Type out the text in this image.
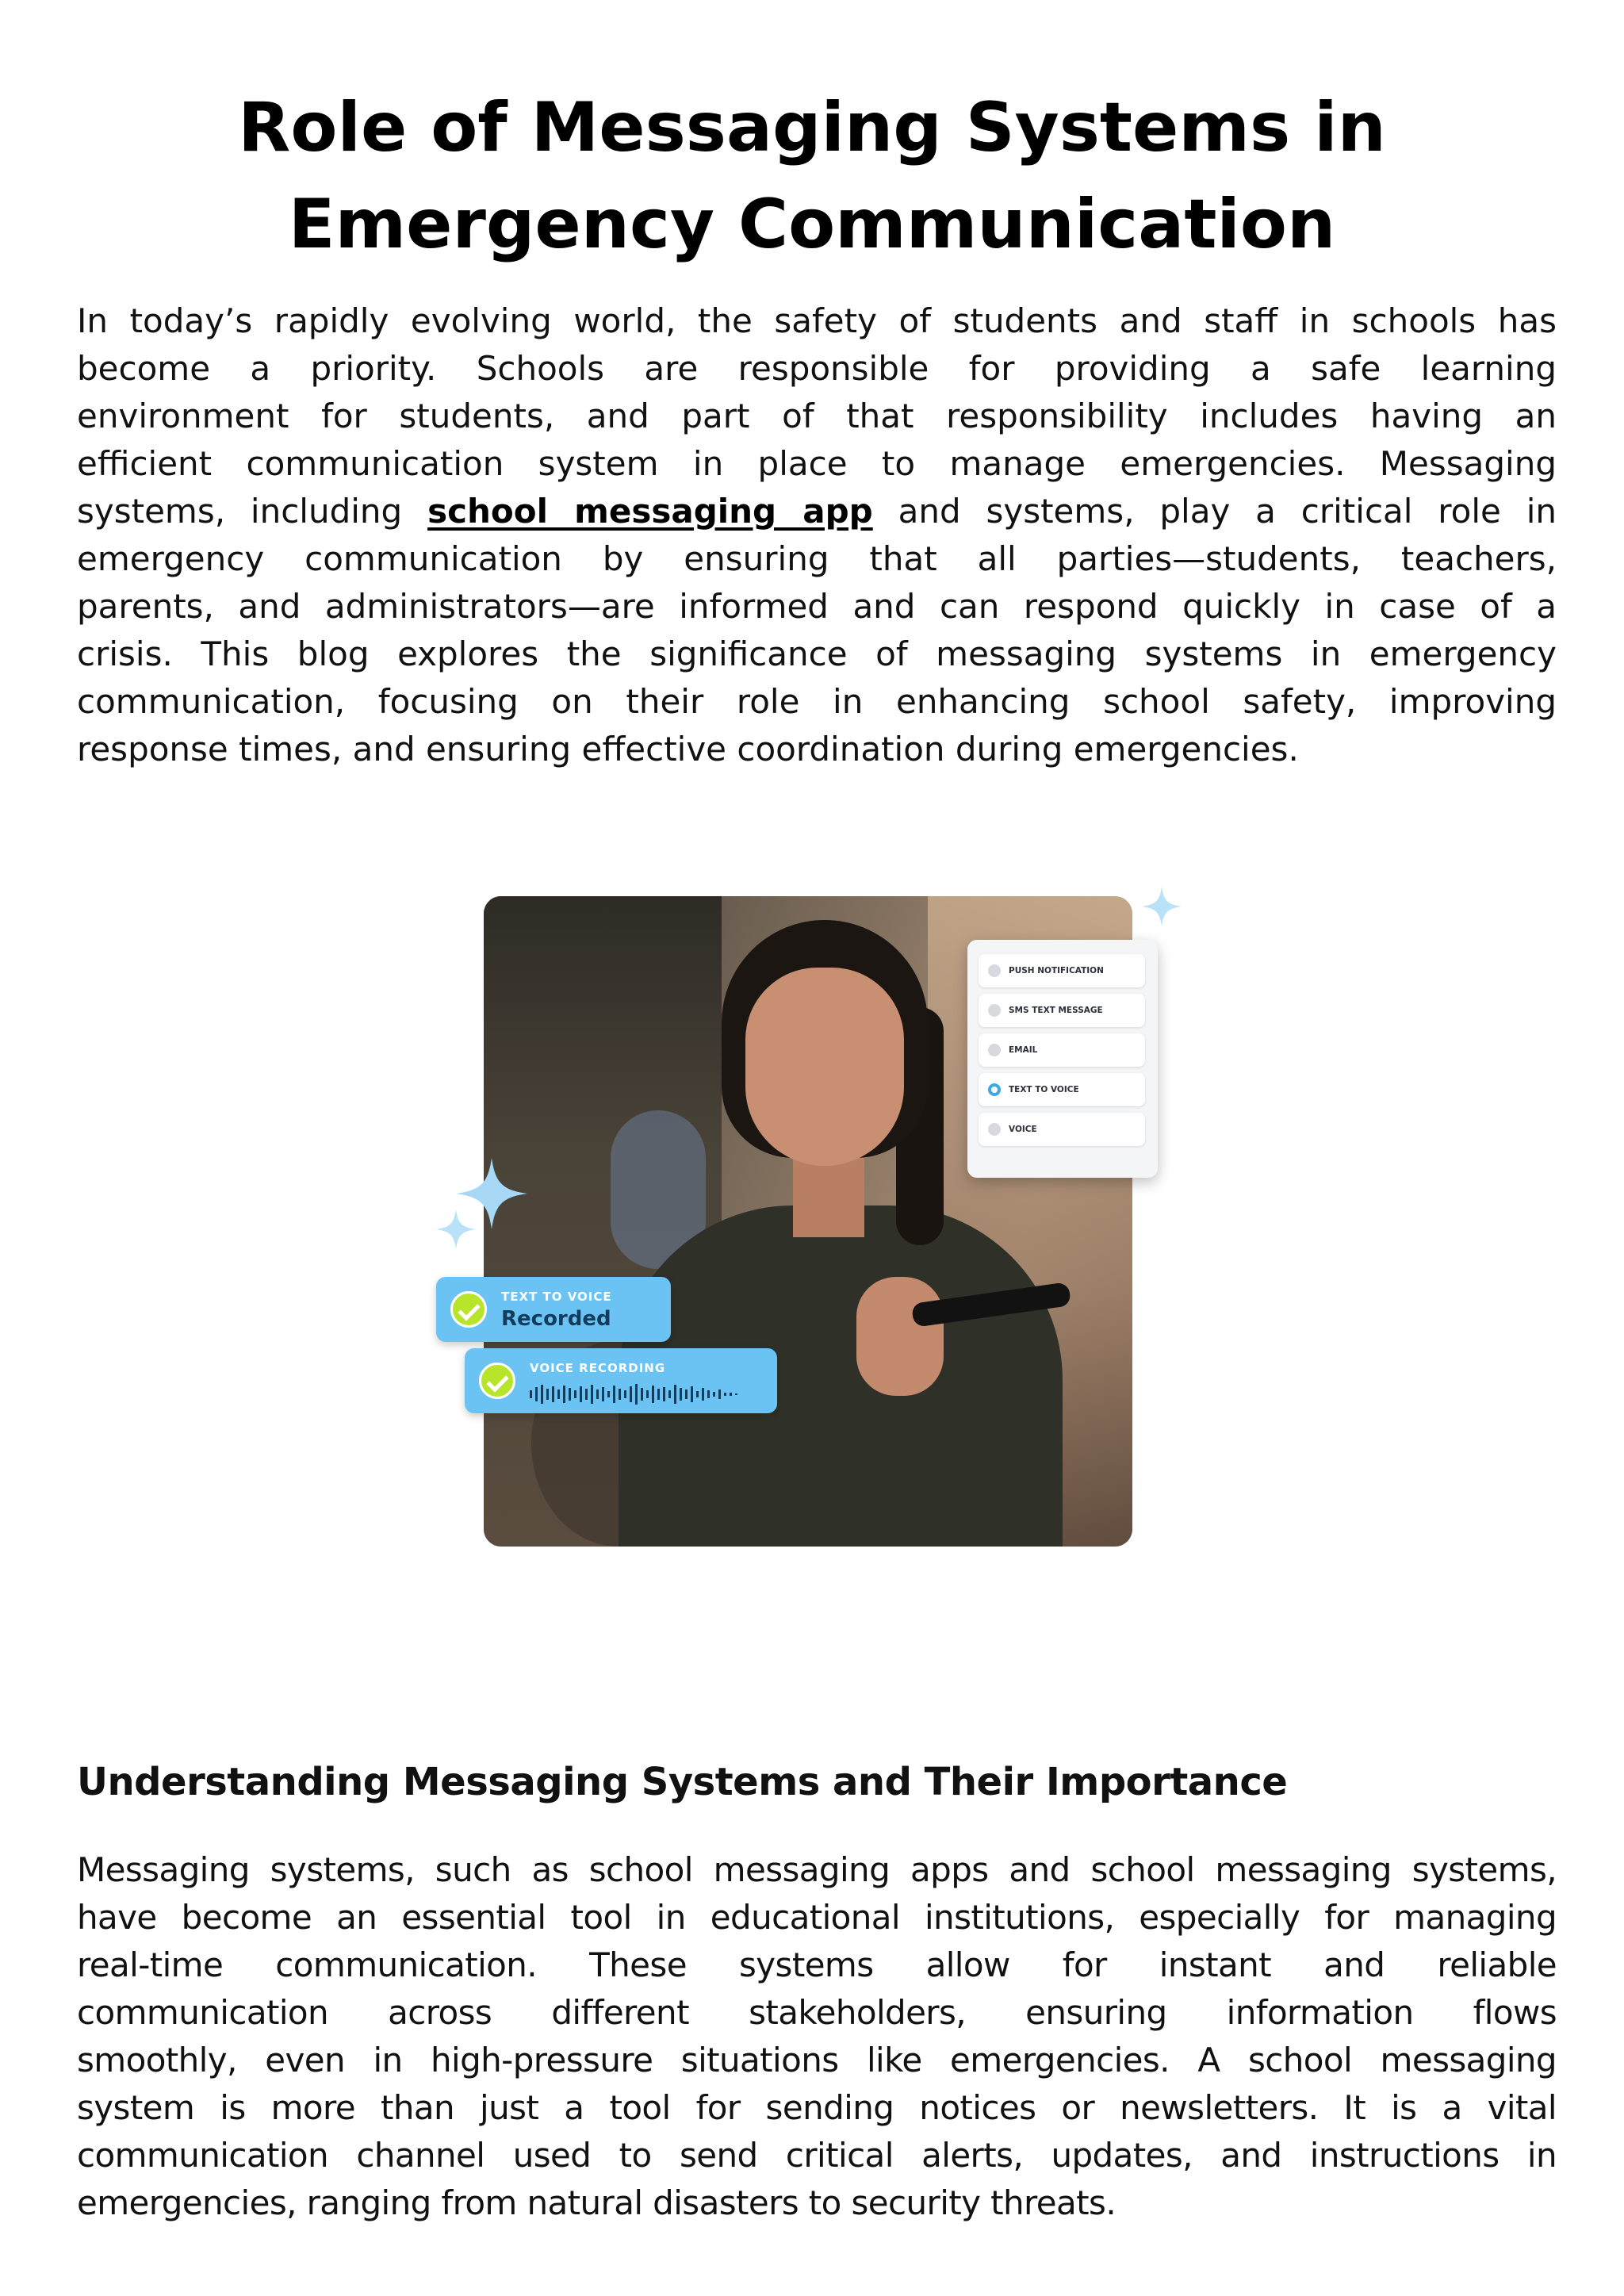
Role of Messaging Systems in
Emergency Communication
In today’s rapidly evolving world, the safety of students and staff in schools has
become a priority. Schools are responsible for providing a safe learning
environment for students, and part of that responsibility includes having an
efficient communication system in place to manage emergencies. Messaging
systems, including school messaging app and systems, play a critical role in
emergency communication by ensuring that all parties—students, teachers,
parents, and administrators—are informed and can respond quickly in case of a
crisis. This blog explores the significance of messaging systems in emergency
communication, focusing on their role in enhancing school safety, improving
response times, and ensuring effective coordination during emergencies.
PUSH NOTIFICATION
SMS TEXT MESSAGE
EMAIL
TEXT TO VOICE
VOICE
TEXT TO VOICE
Recorded
VOICE RECORDING
Understanding Messaging Systems and Their Importance
Messaging systems, such as school messaging apps and school messaging systems,
have become an essential tool in educational institutions, especially for managing
real-time communication. These systems allow for instant and reliable
communication across different stakeholders, ensuring information flows
smoothly, even in high-pressure situations like emergencies. A school messaging
system is more than just a tool for sending notices or newsletters. It is a vital
communication channel used to send critical alerts, updates, and instructions in
emergencies, ranging from natural disasters to security threats.
